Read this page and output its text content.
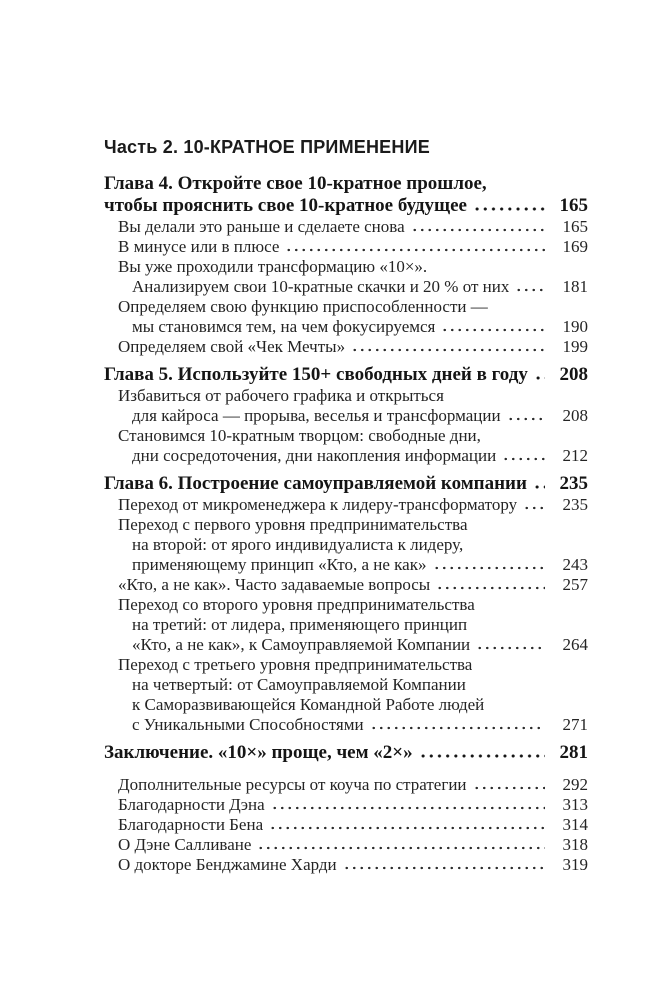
Часть 2. 10-КРАТНОЕ ПРИМЕНЕНИЕ
Глава 4. Откройте свое 10-кратное прошлое,
чтобы прояснить свое 10-кратное будущее	165
Вы делали это раньше и сделаете снова	165
В минусе или в плюсе	169
Вы уже проходили трансформацию «10×».
Анализируем свои 10-кратные скачки и 20 % от них	181
Определяем свою функцию приспособленности —
мы становимся тем, на чем фокусируемся	190
Определяем свой «Чек Мечты»	199
Глава 5. Используйте 150+ свободных дней в году 208
Избавиться от рабочего графика и открыться
для кайроса — прорыва, веселья и трансформации	208
Становимся 10-кратным творцом: свободные дни,
дни сосредоточения, дни накопления информации	212
Глава 6. Построение самоуправляемой компании 235
Переход от микроменеджера к лидеру-трансформатору	235
Переход с первого уровня предпринимательства
на второй: от ярого индивидуалиста к лидеру,
применяющему принцип «Кто, а не как»	243
«Кто, а не как». Часто задаваемые вопросы	257
Переход со второго уровня предпринимательства
на третий: от лидера, применяющего принцип
«Кто, а не как», к Самоуправляемой Компании	264
Переход с третьего уровня предпринимательства
на четвертый: от Самоуправляемой Компании
к Саморазвивающейся Командной Работе людей
с Уникальными Способностями	271
Заключение. «10×» проще, чем «2×»	281
Дополнительные ресурсы от коуча по стратегии	292
Благодарности Дэна	313
Благодарности Бена	314
О Дэне Салливане	318
О докторе Бенджамине Харди	319
